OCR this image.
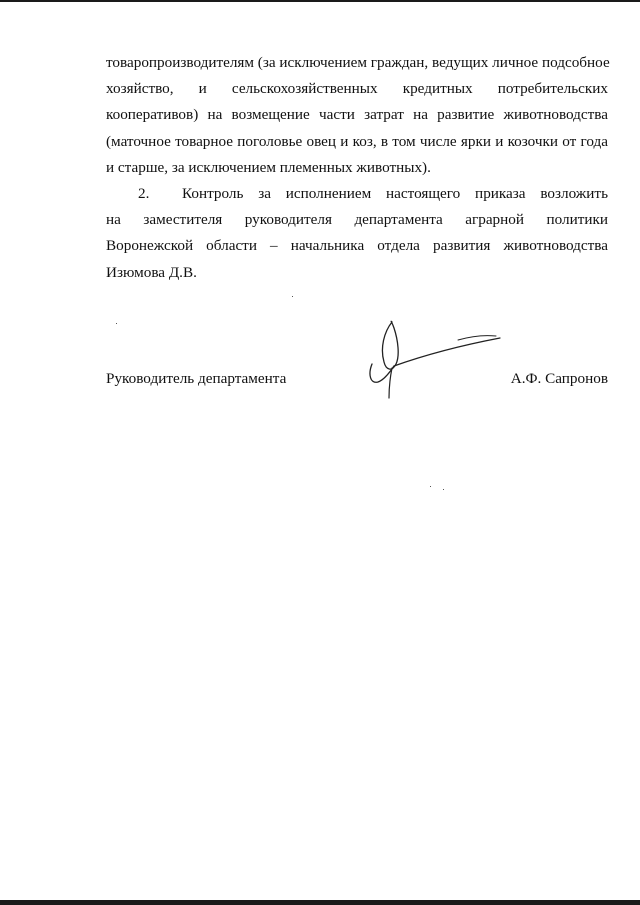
товаропроизводителям (за исключением граждан, ведущих личное подсобное
хозяйство, и сельскохозяйственных кредитных потребительских
кооперативов) на возмещение части затрат на развитие животноводства
(маточное товарное поголовье овец и коз, в том числе ярки и козочки от года
и старше, за исключением племенных животных).

2. Контроль за исполнением настоящего приказа возложить
на заместителя руководителя департамента аграрной политики
Воронежской области – начальника отдела развития животноводства
Изюмова Д.В.

Руководитель департамента	А.Ф. Сапронов
